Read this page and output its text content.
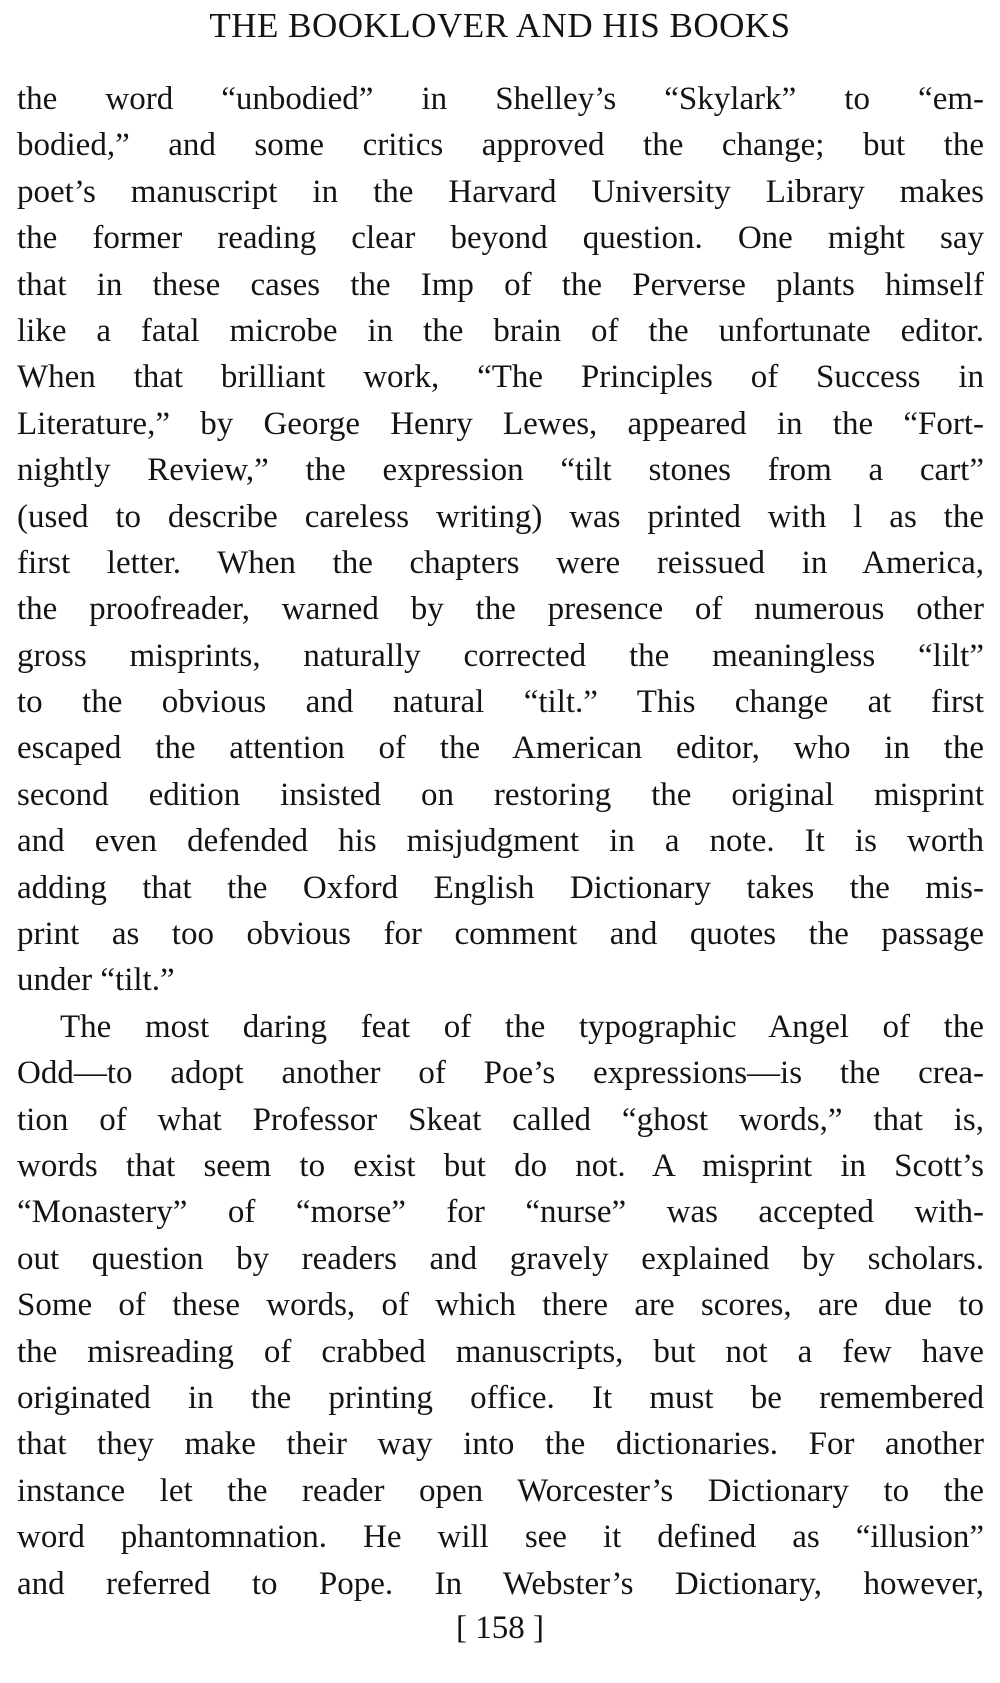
THE BOOKLOVER AND HIS BOOKS
the word “unbodied” in Shelley’s “Skylark” to “em-
bodied,” and some critics approved the change; but the
poet’s manuscript in the Harvard University Library makes
the former reading clear beyond question. One might say
that in these cases the Imp of the Perverse plants himself
like a fatal microbe in the brain of the unfortunate editor.
When that brilliant work, “The Principles of Success in
Literature,” by George Henry Lewes, appeared in the “Fort-
nightly Review,” the expression “tilt stones from a cart”
(used to describe careless writing) was printed with l as the
first letter. When the chapters were reissued in America,
the proofreader, warned by the presence of numerous other
gross misprints, naturally corrected the meaningless “lilt”
to the obvious and natural “tilt.” This change at first
escaped the attention of the American editor, who in the
second edition insisted on restoring the original misprint
and even defended his misjudgment in a note. It is worth
adding that the Oxford English Dictionary takes the mis-
print as too obvious for comment and quotes the passage
under “tilt.”
The most daring feat of the typographic Angel of the
Odd—to adopt another of Poe’s expressions—is the crea-
tion of what Professor Skeat called “ghost words,” that is,
words that seem to exist but do not. A misprint in Scott’s
“Monastery” of “morse” for “nurse” was accepted with-
out question by readers and gravely explained by scholars.
Some of these words, of which there are scores, are due to
the misreading of crabbed manuscripts, but not a few have
originated in the printing office. It must be remembered
that they make their way into the dictionaries. For another
instance let the reader open Worcester’s Dictionary to the
word phantomnation. He will see it defined as “illusion”
and referred to Pope. In Webster’s Dictionary, however,
[ 158 ]
